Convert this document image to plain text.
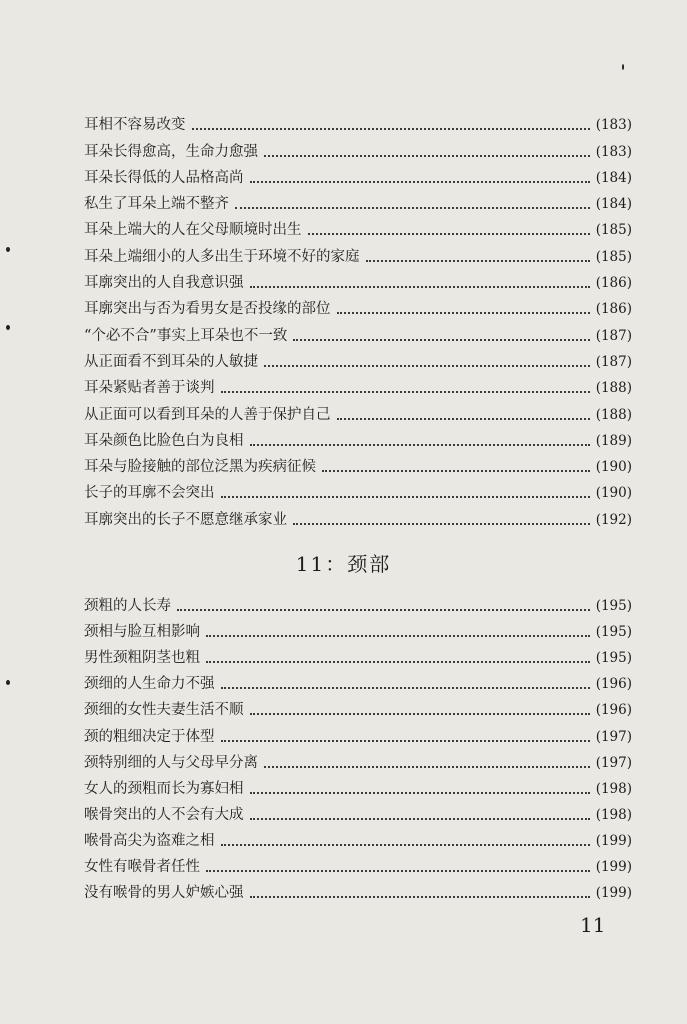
耳相不容易改变	(183)
耳朵长得愈高，生命力愈强	(183)
耳朵长得低的人品格高尚	(184)
私生了耳朵上端不整齐	(184)
耳朵上端大的人在父母顺境时出生	(185)
耳朵上端细小的人多出生于环境不好的家庭	(185)
耳廓突出的人自我意识强	(186)
耳廓突出与否为看男女是否投缘的部位	(186)
“个必不合”事实上耳朵也不一致	(187)
从正面看不到耳朵的人敏捷	(187)
耳朵紧贴者善于谈判	(188)
从正面可以看到耳朵的人善于保护自己	(188)
耳朵颜色比脸色白为良相	(189)
耳朵与脸接触的部位泛黑为疾病征候	(190)
长子的耳廓不会突出	(190)
耳廓突出的长子不愿意继承家业	(192)
11：颈部
颈粗的人长寿	(195)
颈相与脸互相影响	(195)
男性颈粗阴茎也粗	(195)
颈细的人生命力不强	(196)
颈细的女性夫妻生活不顺	(196)
颈的粗细决定于体型	(197)
颈特别细的人与父母早分离	(197)
女人的颈粗而长为寡妇相	(198)
喉骨突出的人不会有大成	(198)
喉骨高尖为盗难之相	(199)
女性有喉骨者任性	(199)
没有喉骨的男人妒嫉心强	(199)
11
